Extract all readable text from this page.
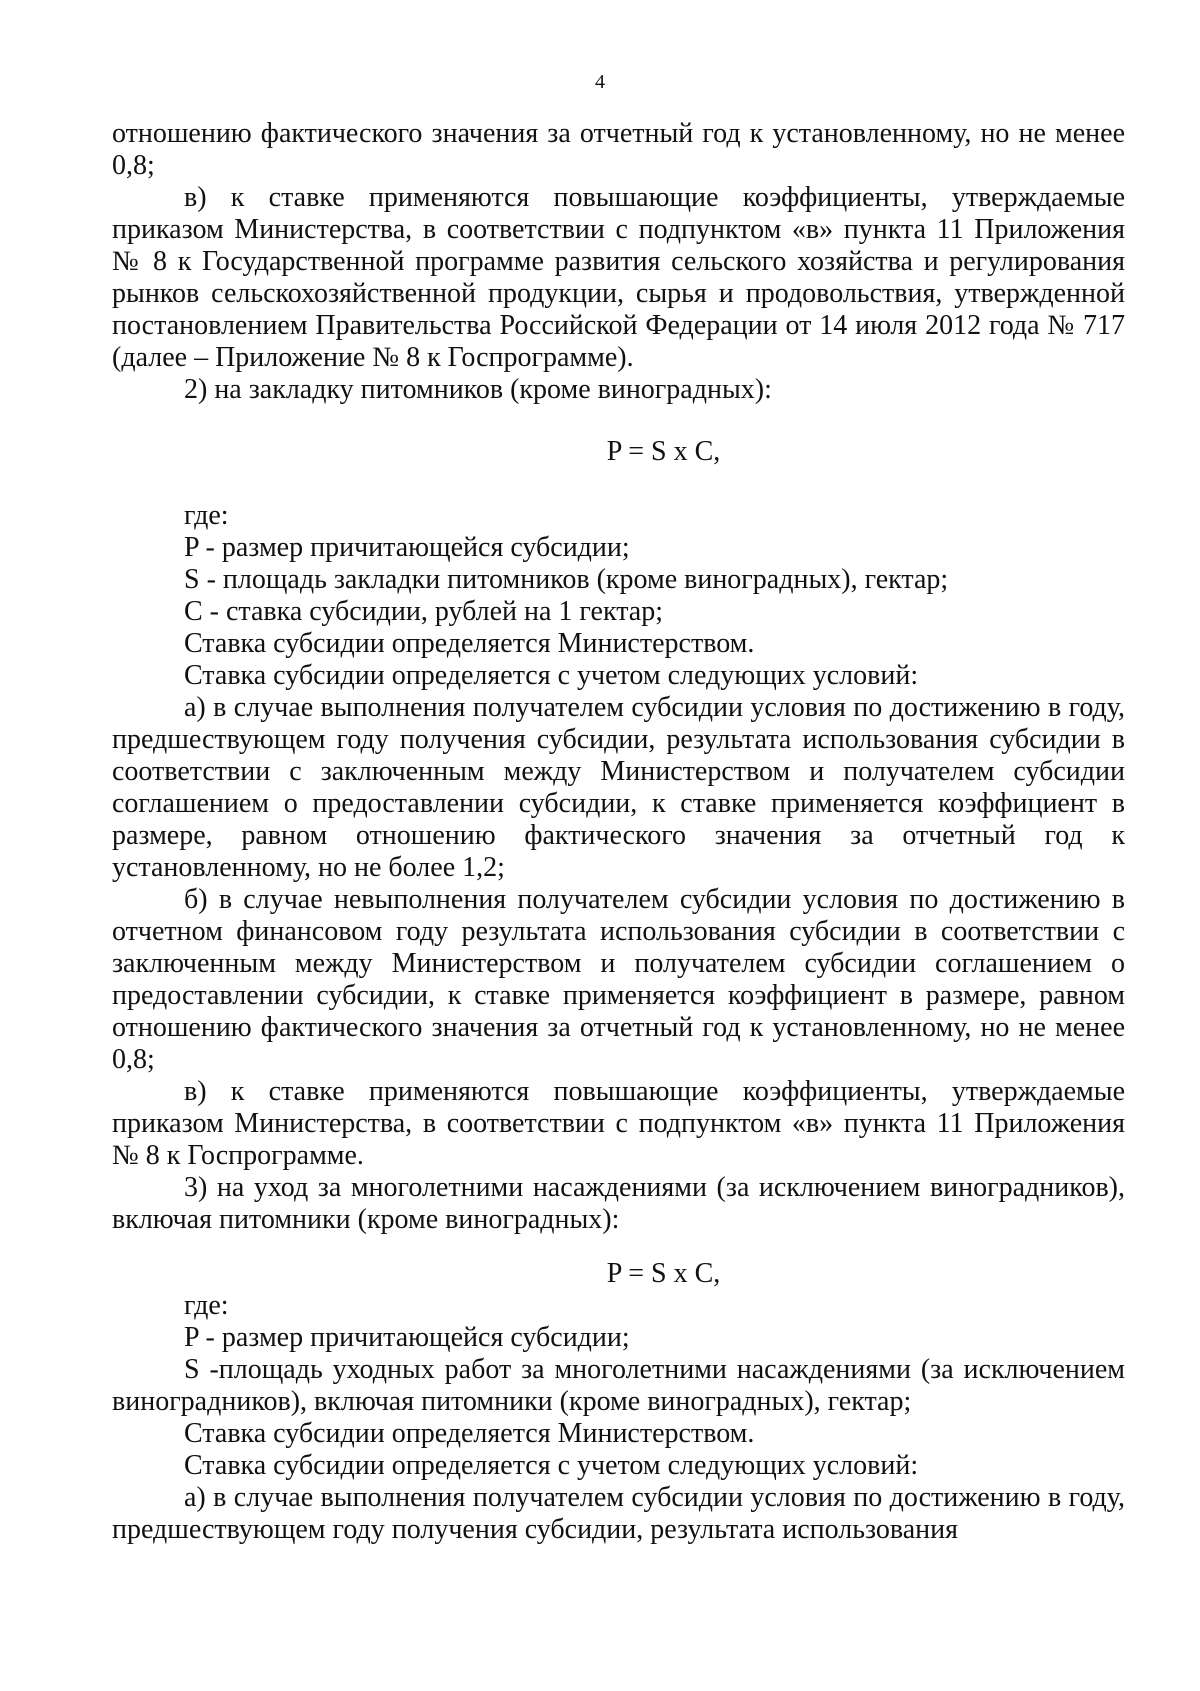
4

отношению фактического значения за отчетный год к установленному, но не менее 0,8;

в) к ставке применяются повышающие коэффициенты, утверждаемые приказом Министерства, в соответствии с подпунктом «в» пункта 11 Приложения № 8 к Государственной программе развития сельского хозяйства и регулирования рынков сельскохозяйственной продукции, сырья и продовольствия, утвержденной постановлением Правительства Российской Федерации от 14 июля 2012 года № 717 (далее – Приложение № 8 к Госпрограмме).

2) на закладку питомников (кроме виноградных):

P = S x C,

где:

P - размер причитающейся субсидии;

S - площадь закладки питомников (кроме виноградных), гектар;

C - ставка субсидии, рублей на 1 гектар;

Ставка субсидии определяется Министерством.

Ставка субсидии определяется с учетом следующих условий:

а) в случае выполнения получателем субсидии условия по достижению в году, предшествующем году получения субсидии, результата использования субсидии в соответствии с заключенным между Министерством и получателем субсидии соглашением о предоставлении субсидии, к ставке применяется коэффициент в размере, равном отношению фактического значения за отчетный год к установленному, но не более 1,2;

б) в случае невыполнения получателем субсидии условия по достижению в отчетном финансовом году результата использования субсидии в соответствии с заключенным между Министерством и получателем субсидии соглашением о предоставлении субсидии, к ставке применяется коэффициент в размере, равном отношению фактического значения за отчетный год к установленному, но не менее 0,8;

в) к ставке применяются повышающие коэффициенты, утверждаемые приказом Министерства, в соответствии с подпунктом «в» пункта 11 Приложения № 8 к Госпрограмме.

3) на уход за многолетними насаждениями (за исключением виноградников), включая питомники (кроме виноградных):

P = S x C,

где:

P - размер причитающейся субсидии;

S -площадь уходных работ за многолетними насаждениями (за исключением виноградников), включая питомники (кроме виноградных), гектар;

Ставка субсидии определяется Министерством.

Ставка субсидии определяется с учетом следующих условий:

а) в случае выполнения получателем субсидии условия по достижению в году, предшествующем году получения субсидии, результата использования
